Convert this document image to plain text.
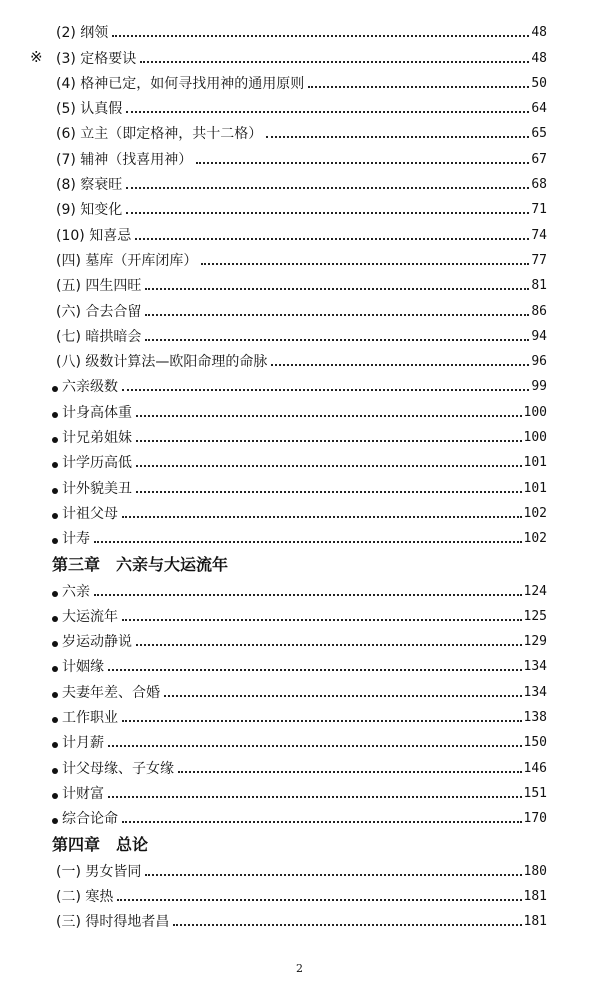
(2) 纲领	48
※ (3) 定格要诀	48
(4) 格神已定，如何寻找用神的通用原则	50
(5) 认真假	64
(6) 立主（即定格神，共十二格）	65
(7) 辅神（找喜用神）	67
(8) 察衰旺	68
(9) 知变化	71
(10) 知喜忌	74
(四) 墓库（开库闭库）	77
(五) 四生四旺	81
(六) 合去合留	86
(七) 暗拱暗会	94
(八) 级数计算法—欧阳命理的命脉	96
六亲级数	99
计身高体重	100
计兄弟姐妹	100
计学历高低	101
计外貌美丑	101
计祖父母	102
计寿	102
第三章　六亲与大运流年
六亲	124
大运流年	125
岁运动静说	129
计姻缘	134
夫妻年差、合婚	134
工作职业	138
计月薪	150
计父母缘、子女缘	146
计财富	151
综合论命	170
第四章　总论
(一) 男女皆同	180
(二) 寒热	181
(三) 得时得地者昌	181
2
